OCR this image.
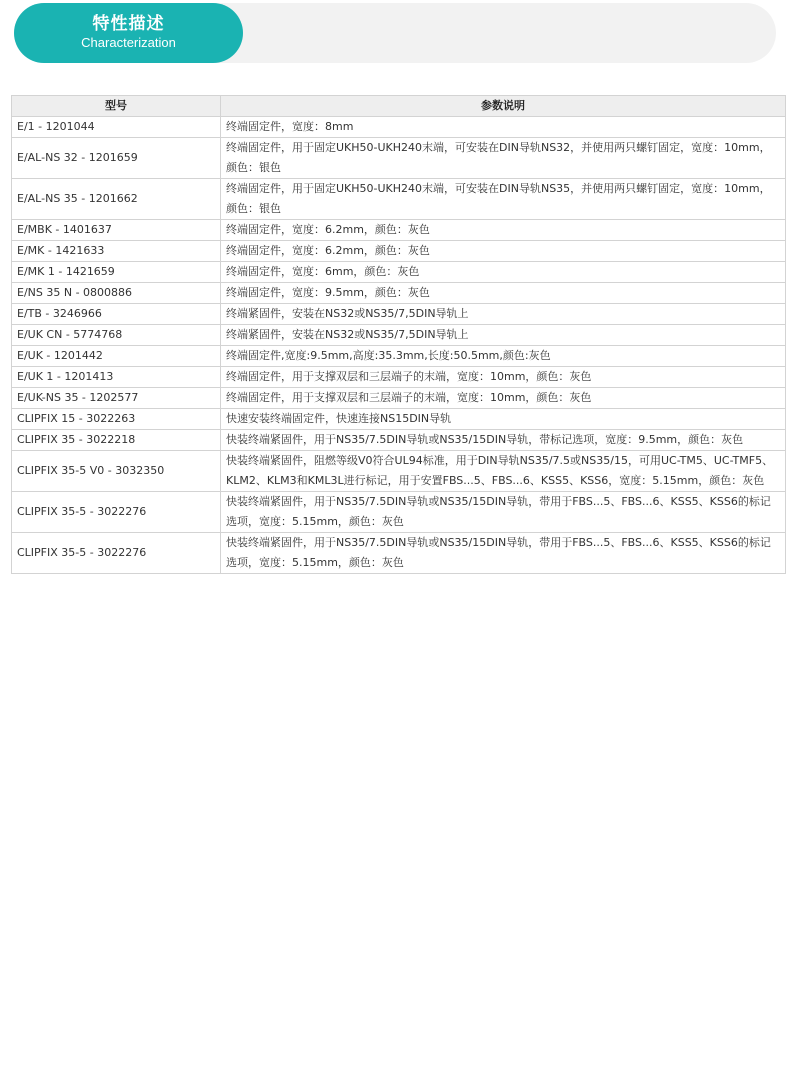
特性描述
Characterization
型号	参数说明
E/1 - 1201044	终端固定件，宽度：8mm
E/AL-NS 32 - 1201659	终端固定件，用于固定UKH50-UKH240末端，可安装在DIN导轨NS32，并使用两只螺钉固定，宽度：10mm，颜色：银色
E/AL-NS 35 - 1201662	终端固定件，用于固定UKH50-UKH240末端，可安装在DIN导轨NS35，并使用两只螺钉固定，宽度：10mm，颜色：银色
E/MBK - 1401637	终端固定件，宽度：6.2mm，颜色：灰色
E/MK - 1421633	终端固定件，宽度：6.2mm，颜色：灰色
E/MK 1 - 1421659	终端固定件，宽度：6mm，颜色：灰色
E/NS 35 N - 0800886	终端固定件，宽度：9.5mm，颜色：灰色
E/TB - 3246966	终端紧固件，安装在NS32或NS35/7,5DIN导轨上
E/UK CN - 5774768	终端紧固件，安装在NS32或NS35/7,5DIN导轨上
E/UK - 1201442	终端固定件,宽度:9.5mm,高度:35.3mm,长度:50.5mm,颜色:灰色
E/UK 1 - 1201413	终端固定件，用于支撑双层和三层端子的末端，宽度：10mm，颜色：灰色
E/UK-NS 35 - 1202577	终端固定件，用于支撑双层和三层端子的末端，宽度：10mm，颜色：灰色
CLIPFIX 15 - 3022263	快速安装终端固定件，快速连接NS15DIN导轨
CLIPFIX 35 - 3022218	快装终端紧固件，用于NS35/7.5DIN导轨或NS35/15DIN导轨，带标记选项，宽度：9.5mm，颜色：灰色
CLIPFIX 35-5 V0 - 3032350	快装终端紧固件，阻燃等级V0符合UL94标准，用于DIN导轨NS35/7.5或NS35/15，可用UC-TM5、UC-TMF5、KLM2、KLM3和KML3L进行标记，用于安置FBS...5、FBS...6、KSS5、KSS6，宽度：5.15mm，颜色：灰色
CLIPFIX 35-5 - 3022276	快装终端紧固件，用于NS35/7.5DIN导轨或NS35/15DIN导轨，带用于FBS...5、FBS...6、KSS5、KSS6的标记选项，宽度：5.15mm，颜色：灰色
CLIPFIX 35-5 - 3022276	快装终端紧固件，用于NS35/7.5DIN导轨或NS35/15DIN导轨，带用于FBS...5、FBS...6、KSS5、KSS6的标记选项，宽度：5.15mm，颜色：灰色
